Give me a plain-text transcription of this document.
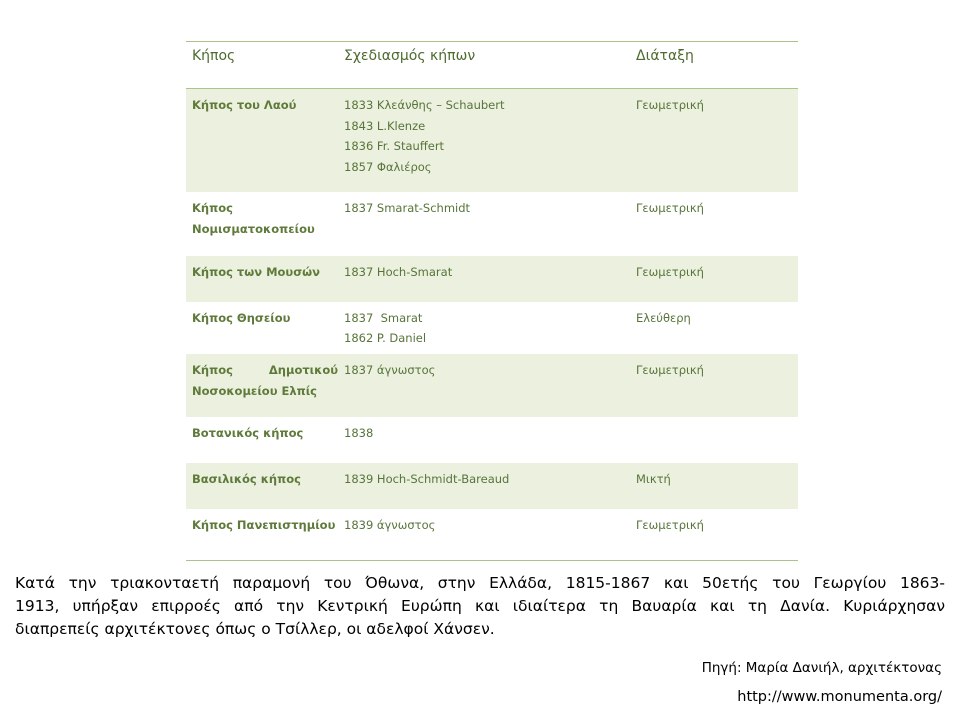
Κήπος	Σχεδιασμός κήπων	Διάταξη

Κήπος του Λαού	1833 Κλεάνθης – Schaubert
1843 L.Klenze
1836 Fr. Stauffert
1857 Φαλιέρος	Γεωμετρική

Κήπος
Νομισματοκοπείου	1837 Smarat-Schmidt	Γεωμετρική

Κήπος των Μουσών	1837 Hoch-Smarat	Γεωμετρική

Κήπος Θησείου	1837  Smarat
1862 P. Daniel	Ελεύθερη

Κήπος Δημοτικού
Νοσοκομείου Ελπίς	1837 άγνωστος	Γεωμετρική

Βοτανικός κήπος	1838	

Βασιλικός κήπος	1839 Hoch-Schmidt-Bareaud	Μικτή

Κήπος Πανεπιστημίου	1839 άγνωστος	Γεωμετρική
Κατά την τριακονταετή παραμονή του Όθωνα, στην Ελλάδα, 1815-1867 και 50ετής του Γεωργίου 1863-
1913, υπήρξαν επιρροές από την Κεντρική Ευρώπη και ιδιαίτερα τη Βαυαρία και τη Δανία. Κυριάρχησαν
διαπρεπείς αρχιτέκτονες όπως ο Τσίλλερ, οι αδελφοί Χάνσεν.
Πηγή: Μαρία Δανιήλ, αρχιτέκτονας
http://www.monumenta.org/
